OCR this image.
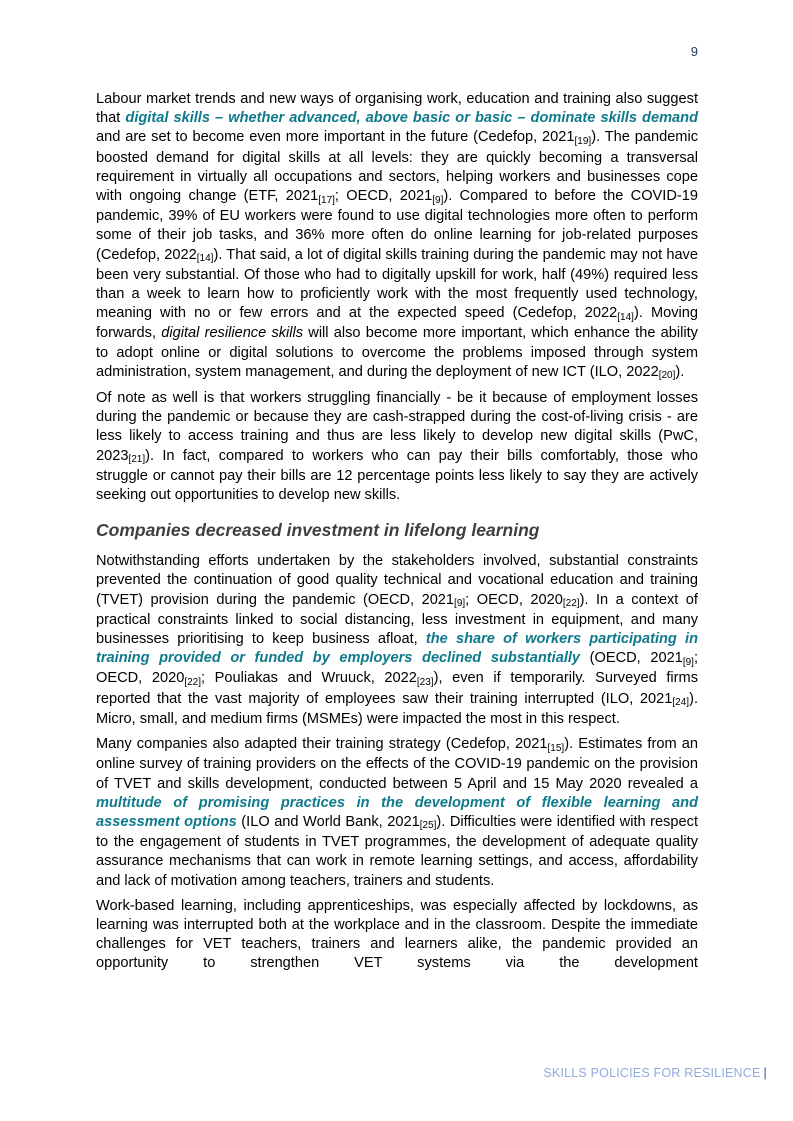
9

Labour market trends and new ways of organising work, education and training also suggest that digital skills – whether advanced, above basic or basic – dominate skills demand and are set to become even more important in the future (Cedefop, 2021[19]). The pandemic boosted demand for digital skills at all levels: they are quickly becoming a transversal requirement in virtually all occupations and sectors, helping workers and businesses cope with ongoing change (ETF, 2021[17]; OECD, 2021[9]). Compared to before the COVID-19 pandemic, 39% of EU workers were found to use digital technologies more often to perform some of their job tasks, and 36% more often do online learning for job-related purposes (Cedefop, 2022[14]). That said, a lot of digital skills training during the pandemic may not have been very substantial. Of those who had to digitally upskill for work, half (49%) required less than a week to learn how to proficiently work with the most frequently used technology, meaning with no or few errors and at the expected speed (Cedefop, 2022[14]). Moving forwards, digital resilience skills will also become more important, which enhance the ability to adopt online or digital solutions to overcome the problems imposed through system administration, system management, and during the deployment of new ICT (ILO, 2022[20]).

Of note as well is that workers struggling financially - be it because of employment losses during the pandemic or because they are cash-strapped during the cost-of-living crisis - are less likely to access training and thus are less likely to develop new digital skills (PwC, 2023[21]). In fact, compared to workers who can pay their bills comfortably, those who struggle or cannot pay their bills are 12 percentage points less likely to say they are actively seeking out opportunities to develop new skills.

Companies decreased investment in lifelong learning

Notwithstanding efforts undertaken by the stakeholders involved, substantial constraints prevented the continuation of good quality technical and vocational education and training (TVET) provision during the pandemic (OECD, 2021[9]; OECD, 2020[22]). In a context of practical constraints linked to social distancing, less investment in equipment, and many businesses prioritising to keep business afloat, the share of workers participating in training provided or funded by employers declined substantially (OECD, 2021[9]; OECD, 2020[22]; Pouliakas and Wruuck, 2022[23]), even if temporarily. Surveyed firms reported that the vast majority of employees saw their training interrupted (ILO, 2021[24]). Micro, small, and medium firms (MSMEs) were impacted the most in this respect.

Many companies also adapted their training strategy (Cedefop, 2021[15]). Estimates from an online survey of training providers on the effects of the COVID-19 pandemic on the provision of TVET and skills development, conducted between 5 April and 15 May 2020 revealed a multitude of promising practices in the development of flexible learning and assessment options (ILO and World Bank, 2021[25]). Difficulties were identified with respect to the engagement of students in TVET programmes, the development of adequate quality assurance mechanisms that can work in remote learning settings, and access, affordability and lack of motivation among teachers, trainers and students.

Work-based learning, including apprenticeships, was especially affected by lockdowns, as learning was interrupted both at the workplace and in the classroom. Despite the immediate challenges for VET teachers, trainers and learners alike, the pandemic provided an opportunity to strengthen VET systems via the development

SKILLS POLICIES FOR RESILIENCE |
